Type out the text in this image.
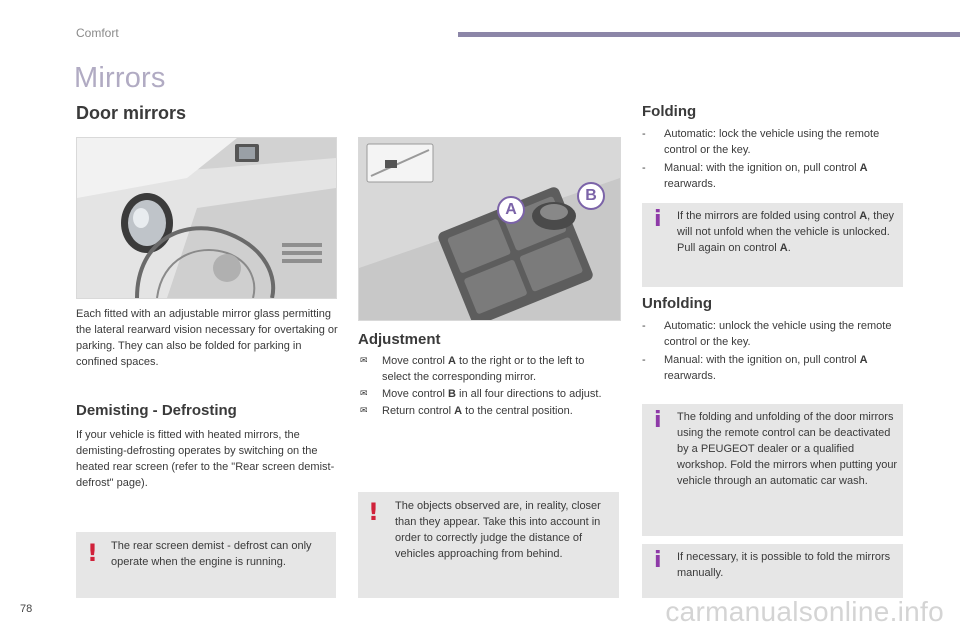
Comfort
Mirrors
Door mirrors

Each fitted with an adjustable mirror glass permitting the lateral rearward vision necessary for overtaking or parking. They can also be folded for parking in confined spaces.

Demisting - Defrosting

If your vehicle is fitted with heated mirrors, the demisting-defrosting operates by switching on the heated rear screen (refer to the "Rear screen demist-defrost" page).

! The rear screen demist - defrost can only operate when the engine is running.

A
B
Adjustment
✉ Move control A to the right or to the left to select the corresponding mirror.
✉ Move control B in all four directions to adjust.
✉ Return control A to the central position.
! The objects observed are, in reality, closer than they appear. Take this into account in order to correctly judge the distance of vehicles approaching from behind.

Folding
- Automatic: lock the vehicle using the remote control or the key.
- Manual: with the ignition on, pull control A rearwards.
i If the mirrors are folded using control A, they will not unfold when the vehicle is unlocked. Pull again on control A.

Unfolding
- Automatic: unlock the vehicle using the remote control or the key.
- Manual: with the ignition on, pull control A rearwards.
i The folding and unfolding of the door mirrors using the remote control can be deactivated by a PEUGEOT dealer or a qualified workshop. Fold the mirrors when putting your vehicle through an automatic car wash.

i If necessary, it is possible to fold the mirrors manually.

78	carmanualsonline.info
